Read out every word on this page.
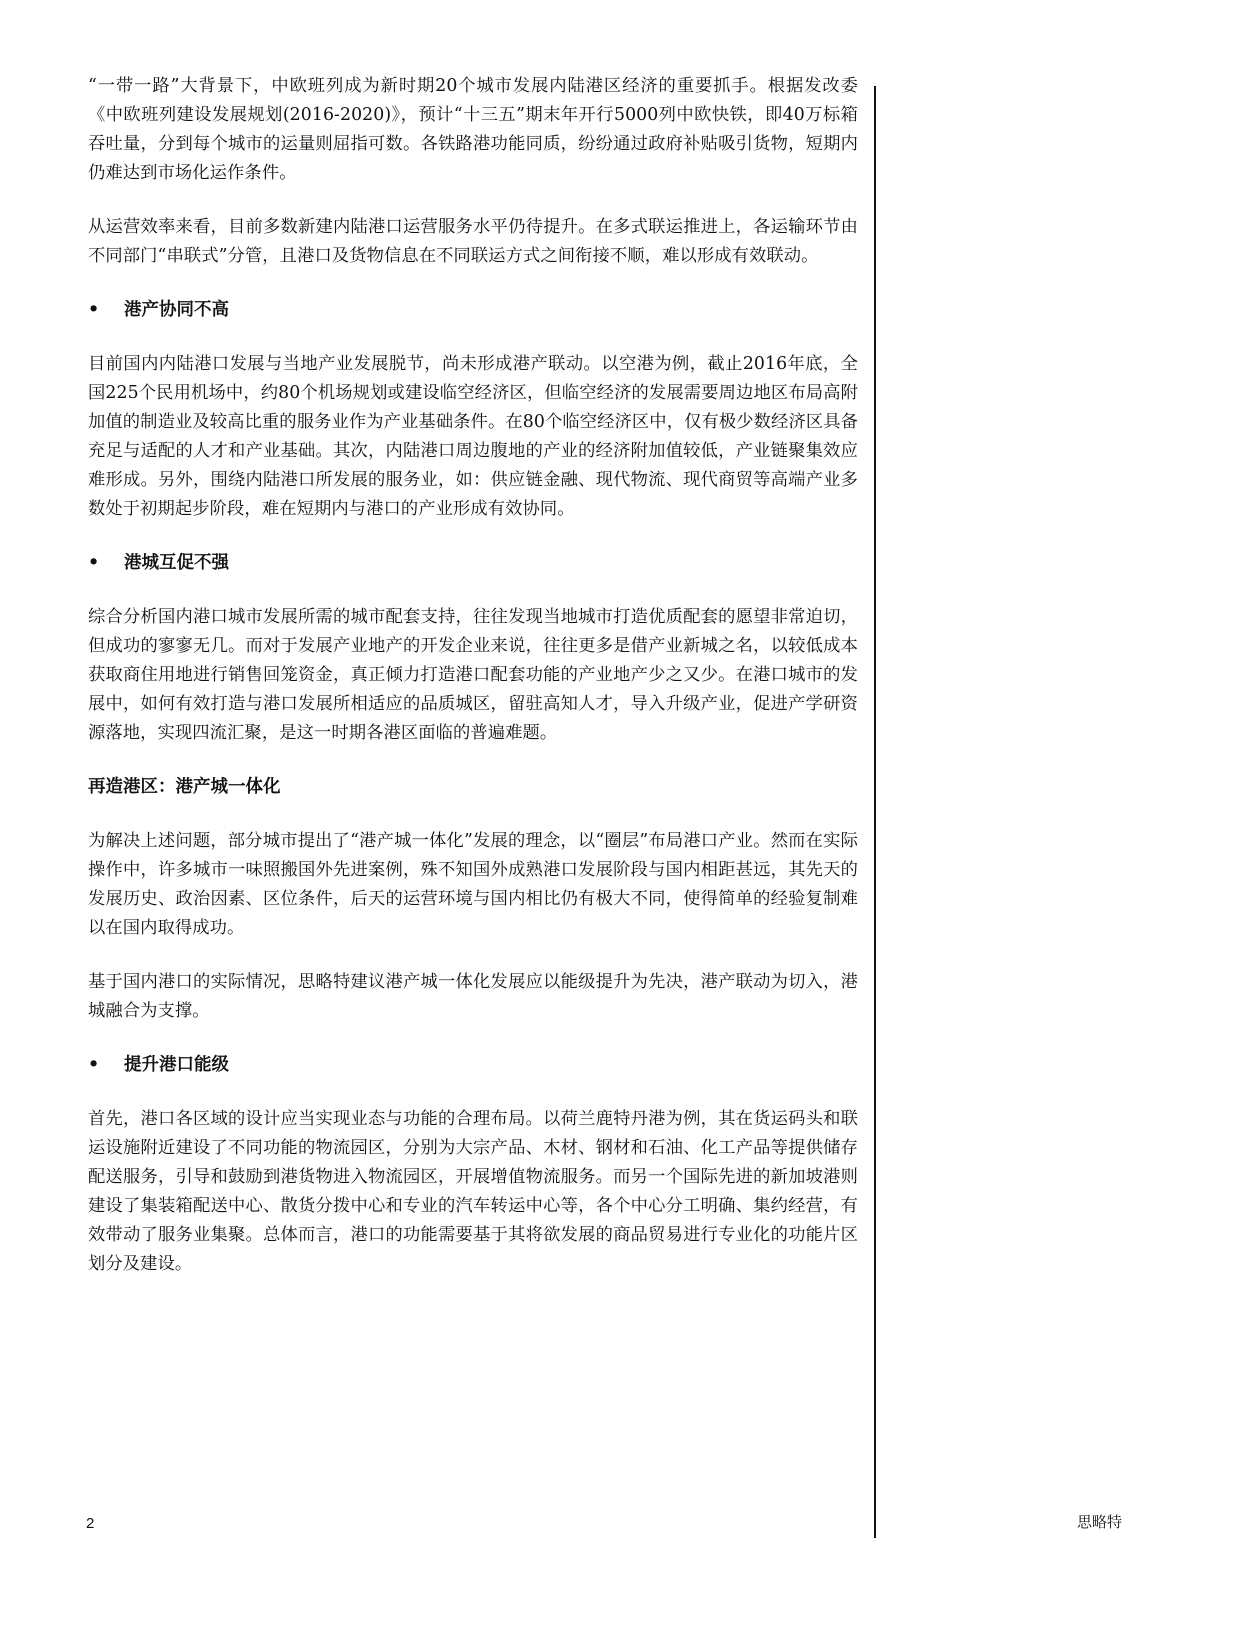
“一带一路”大背景下，中欧班列成为新时期20个城市发展内陆港区经济的重要抓手。根据发改委《中欧班列建设发展规划(2016-2020)》，预计“十三五”期末年开行5000列中欧快铁，即40万标箱吞吐量，分到每个城市的运量则屈指可数。各铁路港功能同质，纷纷通过政府补贴吸引货物，短期内仍难达到市场化运作条件。

从运营效率来看，目前多数新建内陆港口运营服务水平仍待提升。在多式联运推进上，各运输环节由不同部门“串联式”分管，且港口及货物信息在不同联运方式之间衔接不顺，难以形成有效联动。

• 港产协同不高

目前国内内陆港口发展与当地产业发展脱节，尚未形成港产联动。以空港为例，截止2016年底，全国225个民用机场中，约80个机场规划或建设临空经济区，但临空经济的发展需要周边地区布局高附加值的制造业及较高比重的服务业作为产业基础条件。在80个临空经济区中，仅有极少数经济区具备充足与适配的人才和产业基础。其次，内陆港口周边腹地的产业的经济附加值较低，产业链聚集效应难形成。另外，围绕内陆港口所发展的服务业，如：供应链金融、现代物流、现代商贸等高端产业多数处于初期起步阶段，难在短期内与港口的产业形成有效协同。

• 港城互促不强

综合分析国内港口城市发展所需的城市配套支持，往往发现当地城市打造优质配套的愿望非常迫切，但成功的寥寥无几。而对于发展产业地产的开发企业来说，往往更多是借产业新城之名，以较低成本获取商住用地进行销售回笼资金，真正倾力打造港口配套功能的产业地产少之又少。在港口城市的发展中，如何有效打造与港口发展所相适应的品质城区，留驻高知人才，导入升级产业，促进产学研资源落地，实现四流汇聚，是这一时期各港区面临的普遍难题。

再造港区：港产城一体化

为解决上述问题，部分城市提出了“港产城一体化”发展的理念，以“圈层”布局港口产业。然而在实际操作中，许多城市一味照搬国外先进案例，殊不知国外成熟港口发展阶段与国内相距甚远，其先天的发展历史、政治因素、区位条件，后天的运营环境与国内相比仍有极大不同，使得简单的经验复制难以在国内取得成功。

基于国内港口的实际情况，思略特建议港产城一体化发展应以能级提升为先决，港产联动为切入，港城融合为支撑。

• 提升港口能级

首先，港口各区域的设计应当实现业态与功能的合理布局。以荷兰鹿特丹港为例，其在货运码头和联运设施附近建设了不同功能的物流园区，分别为大宗产品、木材、钢材和石油、化工产品等提供储存配送服务，引导和鼓励到港货物进入物流园区，开展增值物流服务。而另一个国际先进的新加坡港则建设了集装箱配送中心、散货分拨中心和专业的汽车转运中心等，各个中心分工明确、集约经营，有效带动了服务业集聚。总体而言，港口的功能需要基于其将欲发展的商品贸易进行专业化的功能片区划分及建设。

2	思略特
